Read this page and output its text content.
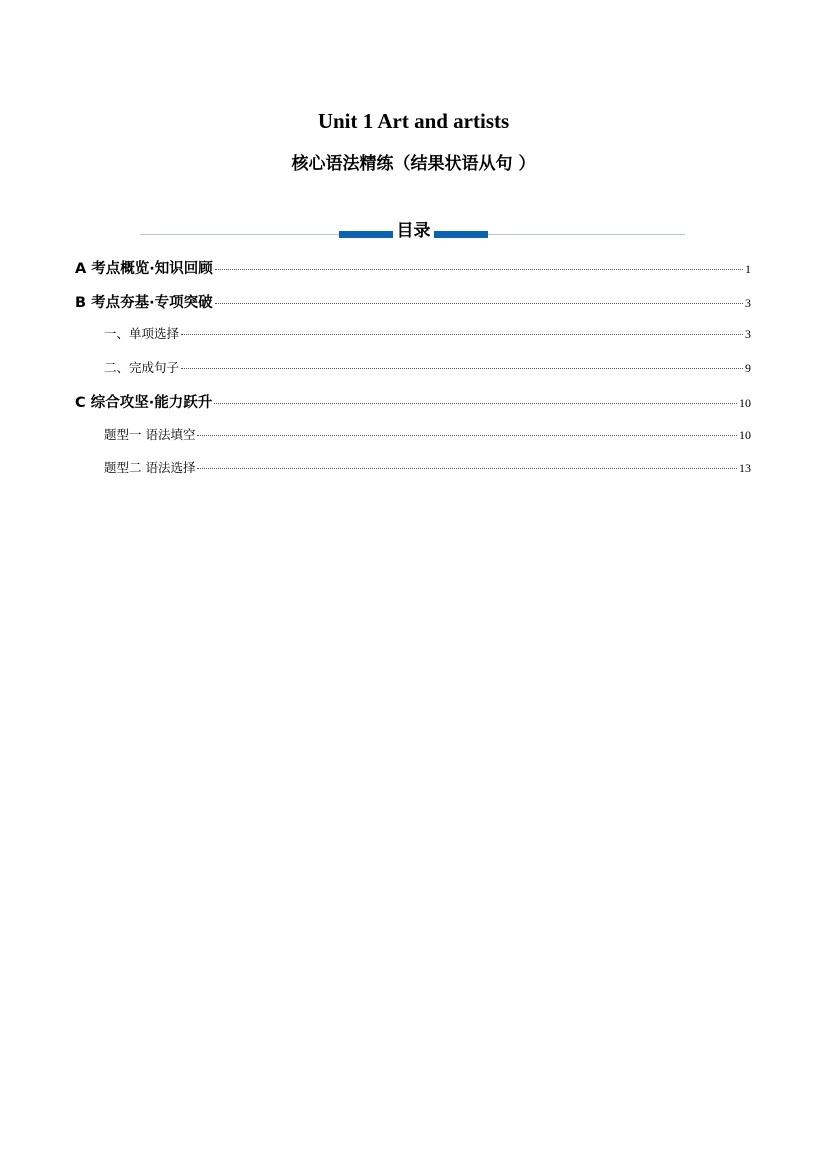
Unit 1 Art and artists
核心语法精练（结果状语从句 ）
目录
A 考点概览·知识回顾	1
B 考点夯基·专项突破	3
一、单项选择	3
二、完成句子	9
C 综合攻坚·能力跃升	10
题型一 语法填空	10
题型二 语法选择	13
